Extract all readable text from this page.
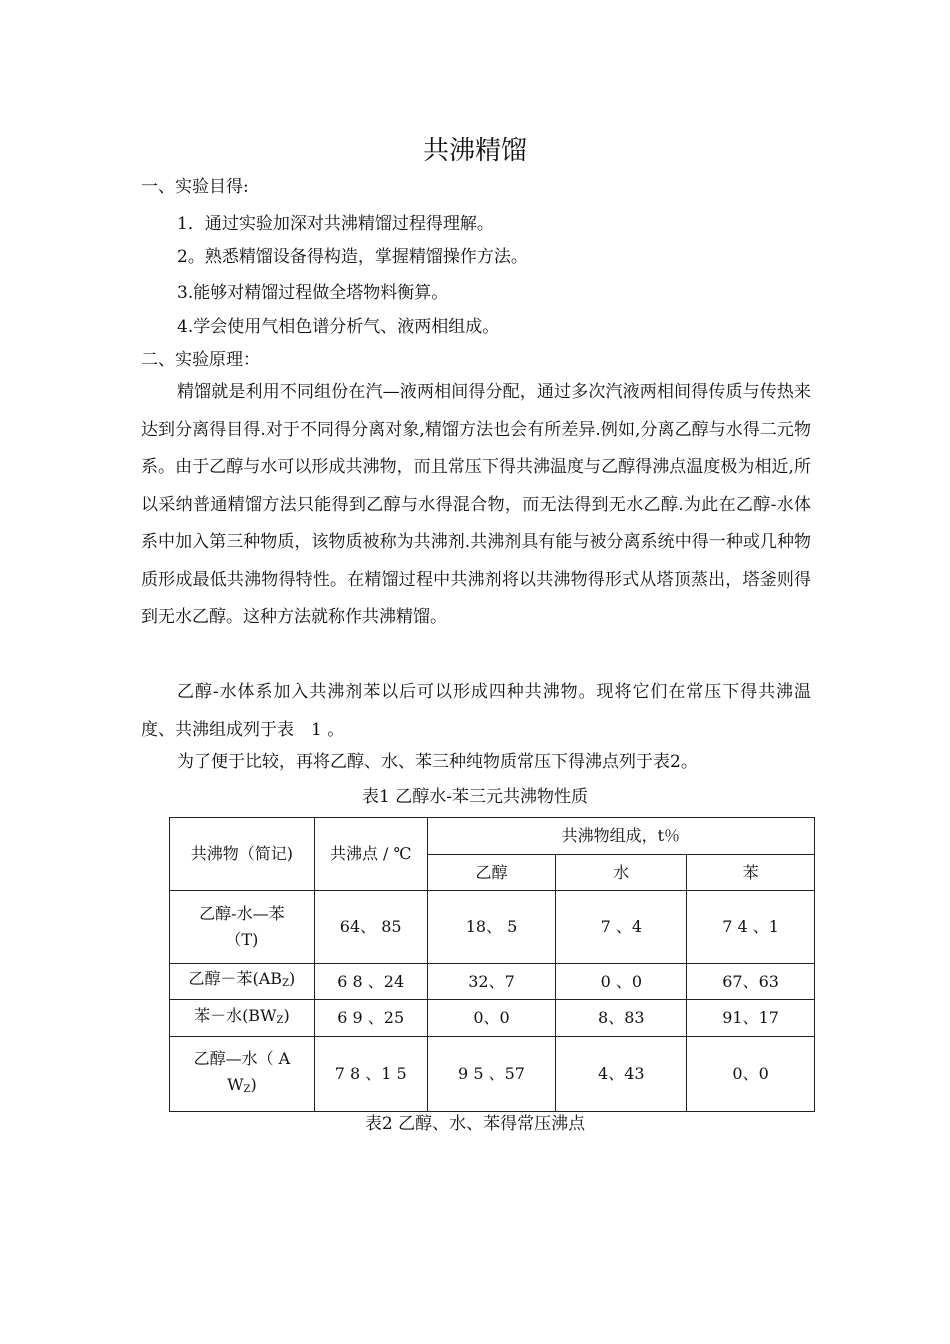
共沸精馏
一、实验目得:
1．通过实验加深对共沸精馏过程得理解。
2。熟悉精馏设备得构造，掌握精馏操作方法。
3.能够对精馏过程做全塔物料衡算。
4.学会使用气相色谱分析气、液两相组成。
二、实验原理：
精馏就是利用不同组份在汽—液两相间得分配，通过多次汽液两相间得传质与传热来达到分离得目得.对于不同得分离对象,精馏方法也会有所差异.例如,分离乙醇与水得二元物系。由于乙醇与水可以形成共沸物，而且常压下得共沸温度与乙醇得沸点温度极为相近,所以采纳普通精馏方法只能得到乙醇与水得混合物，而无法得到无水乙醇.为此在乙醇-水体系中加入第三种物质，该物质被称为共沸剂.共沸剂具有能与被分离系统中得一种或几种物质形成最低共沸物得特性。在精馏过程中共沸剂将以共沸物得形式从塔顶蒸出，塔釜则得到无水乙醇。这种方法就称作共沸精馏。
乙醇-水体系加入共沸剂苯以后可以形成四种共沸物。现将它们在常压下得共沸温度、共沸组成列于表　1 。
为了便于比较，再将乙醇、水、苯三种纯物质常压下得沸点列于表2。
表1 乙醇水-苯三元共沸物性质
共沸物（简记)	共沸点 / ℃	共沸物组成，t％		
		乙醇	水	苯

乙醇-水—苯
（T)	64、 85	18、 5	7 、4	7 4 、1
乙醇－苯$(AB_Z)$	6 8 、24	32、7	0 、0	67、63
苯－水$(BW_Z)$	6 9 、25	0、0	8、83	91、17

乙醇—水（ A
$W_Z$)	7 8 、1 5	9 5 、57	4、43	0、0
表2 乙醇、水、苯得常压沸点
